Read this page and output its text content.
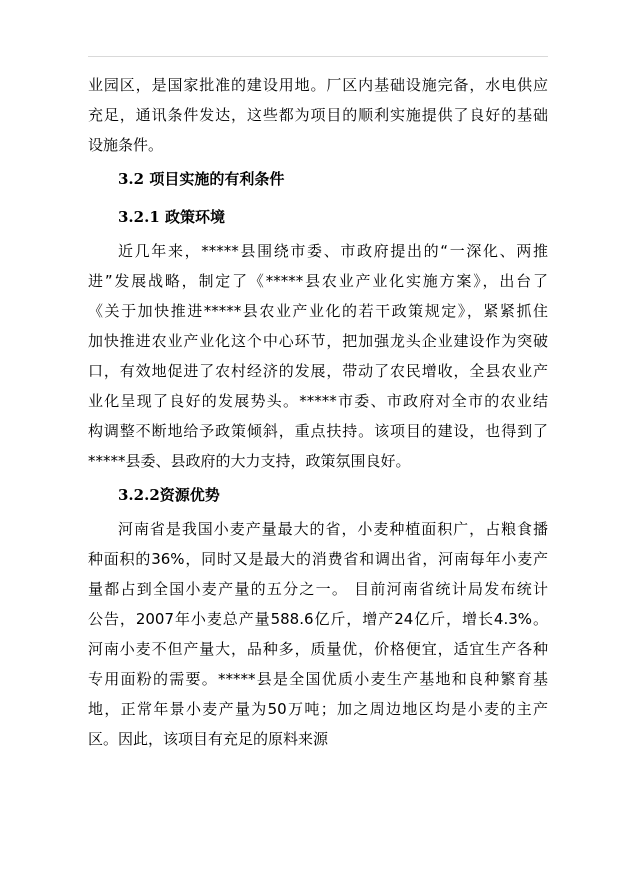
业园区，是国家批准的建设用地。厂区内基础设施完备，水电供应
充足，通讯条件发达，这些都为项目的顺利实施提供了良好的基础
设施条件。
3.2 项目实施的有利条件
3.2.1 政策环境
近几年来，*****县围绕市委、市政府提出的“一深化、两推
进”发展战略，制定了《*****县农业产业化实施方案》，出台了
《关于加快推进*****县农业产业化的若干政策规定》，紧紧抓住
加快推进农业产业化这个中心环节，把加强龙头企业建设作为突破
口，有效地促进了农村经济的发展，带动了农民增收，全县农业产
业化呈现了良好的发展势头。*****市委、市政府对全市的农业结
构调整不断地给予政策倾斜，重点扶持。该项目的建设，也得到了
*****县委、县政府的大力支持，政策氛围良好。
3.2.2资源优势
河南省是我国小麦产量最大的省，小麦种植面积广，占粮食播
种面积的36%，同时又是最大的消费省和调出省，河南每年小麦产
量都占到全国小麦产量的五分之一。 目前河南省统计局发布统计
公告，2007年小麦总产量588.6亿斤，增产24亿斤，增长4.3%。
河南小麦不但产量大，品种多，质量优，价格便宜，适宜生产各种
专用面粉的需要。*****县是全国优质小麦生产基地和良种繁育基
地，正常年景小麦产量为50万吨；加之周边地区均是小麦的主产
区。因此，该项目有充足的原料来源
